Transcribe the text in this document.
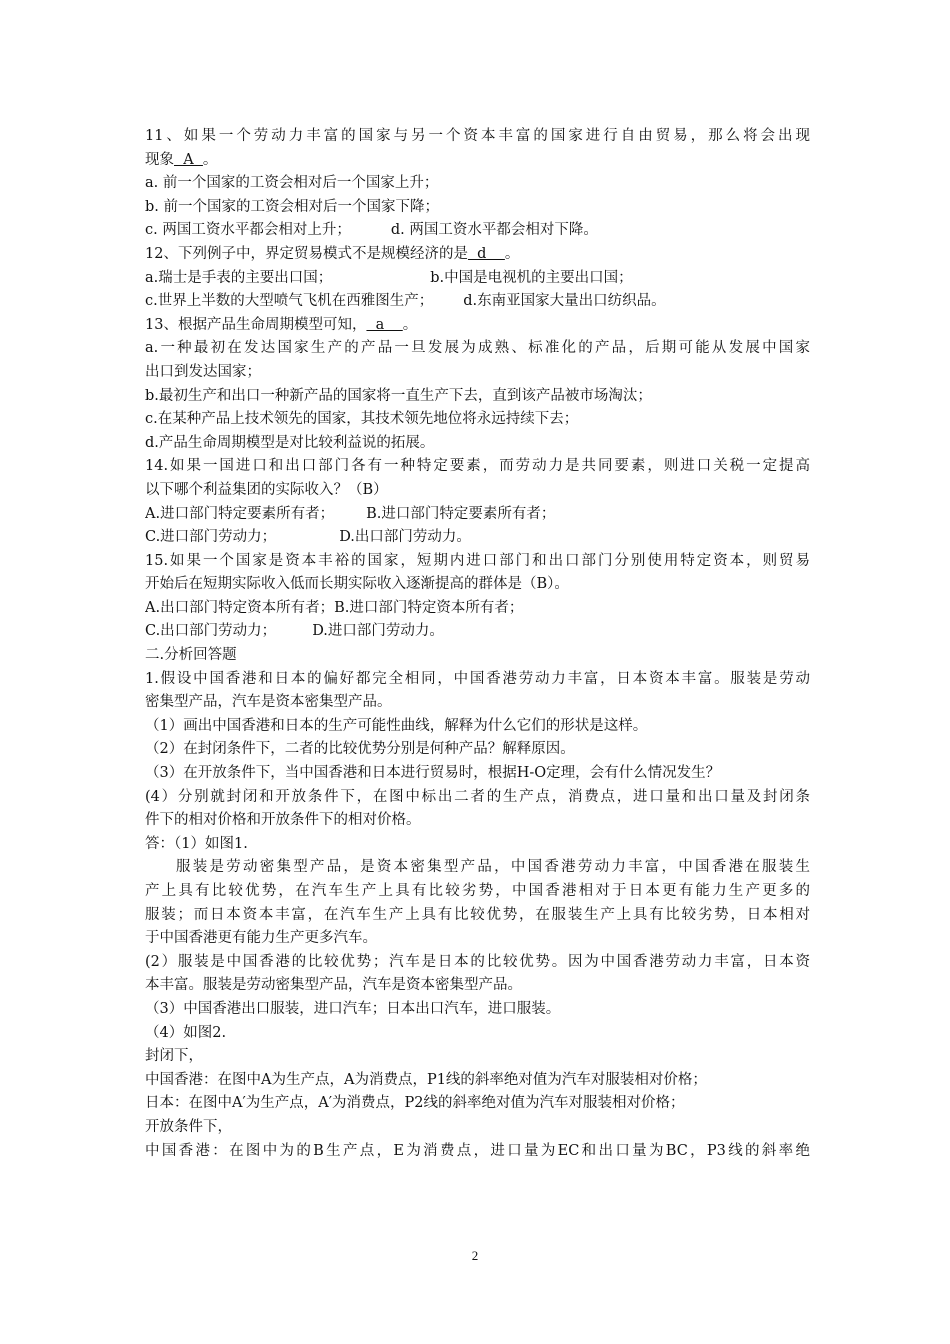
11、如果一个劳动力丰富的国家与另一个资本丰富的国家进行自由贸易，那么将会出现
现象  A  。
a. 前一个国家的工资会相对后一个国家上升；
b. 前一个国家的工资会相对后一个国家下降；
c. 两国工资水平都会相对上升；	d. 两国工资水平都会相对下降。
12、下列例子中，界定贸易模式不是规模经济的是  d    。
a.瑞士是手表的主要出口国；	b.中国是电视机的主要出口国；
c.世界上半数的大型喷气飞机在西雅图生产； d.东南亚国家大量出口纺织品。
13、根据产品生命周期模型可知，  a    。
a.一种最初在发达国家生产的产品一旦发展为成熟、标准化的产品，后期可能从发展中国家
出口到发达国家；
b.最初生产和出口一种新产品的国家将一直生产下去，直到该产品被市场淘汰；
c.在某种产品上技术领先的国家，其技术领先地位将永远持续下去；
d.产品生命周期模型是对比较利益说的拓展。
14.如果一国进口和出口部门各有一种特定要素，而劳动力是共同要素，则进口关税一定提高
以下哪个利益集团的实际收入？（B）
A.进口部门特定要素所有者； B.进口部门特定要素所有者；
C.进口部门劳动力；	D.出口部门劳动力。
15.如果一个国家是资本丰裕的国家，短期内进口部门和出口部门分别使用特定资本，则贸易
开始后在短期实际收入低而长期实际收入逐渐提高的群体是（B）。
A.出口部门特定资本所有者；B.进口部门特定资本所有者；
C.出口部门劳动力； D.进口部门劳动力。
二.分析回答题
1.假设中国香港和日本的偏好都完全相同，中国香港劳动力丰富，日本资本丰富。服装是劳动
密集型产品，汽车是资本密集型产品。
（1）画出中国香港和日本的生产可能性曲线，解释为什么它们的形状是这样。
（2）在封闭条件下，二者的比较优势分别是何种产品？解释原因。
（3）在开放条件下，当中国香港和日本进行贸易时，根据H-O定理，会有什么情况发生？
(4）分别就封闭和开放条件下，在图中标出二者的生产点，消费点，进口量和出口量及封闭条
件下的相对价格和开放条件下的相对价格。
答：（1）如图1.
服装是劳动密集型产品，是资本密集型产品，中国香港劳动力丰富，中国香港在服装生
产上具有比较优势，在汽车生产上具有比较劣势，中国香港相对于日本更有能力生产更多的
服装；而日本资本丰富，在汽车生产上具有比较优势，在服装生产上具有比较劣势，日本相对
于中国香港更有能力生产更多汽车。
(2）服装是中国香港的比较优势；汽车是日本的比较优势。因为中国香港劳动力丰富，日本资
本丰富。服装是劳动密集型产品，汽车是资本密集型产品。
（3）中国香港出口服装，进口汽车；日本出口汽车，进口服装。
（4）如图2.
封闭下，
中国香港：在图中A为生产点，A为消费点，P1线的斜率绝对值为汽车对服装相对价格；
日本：在图中A′为生产点，A′为消费点，P2线的斜率绝对值为汽车对服装相对价格；
开放条件下，
中国香港：在图中为的B生产点，E为消费点，进口量为EC和出口量为BC，P3线的斜率绝
2
